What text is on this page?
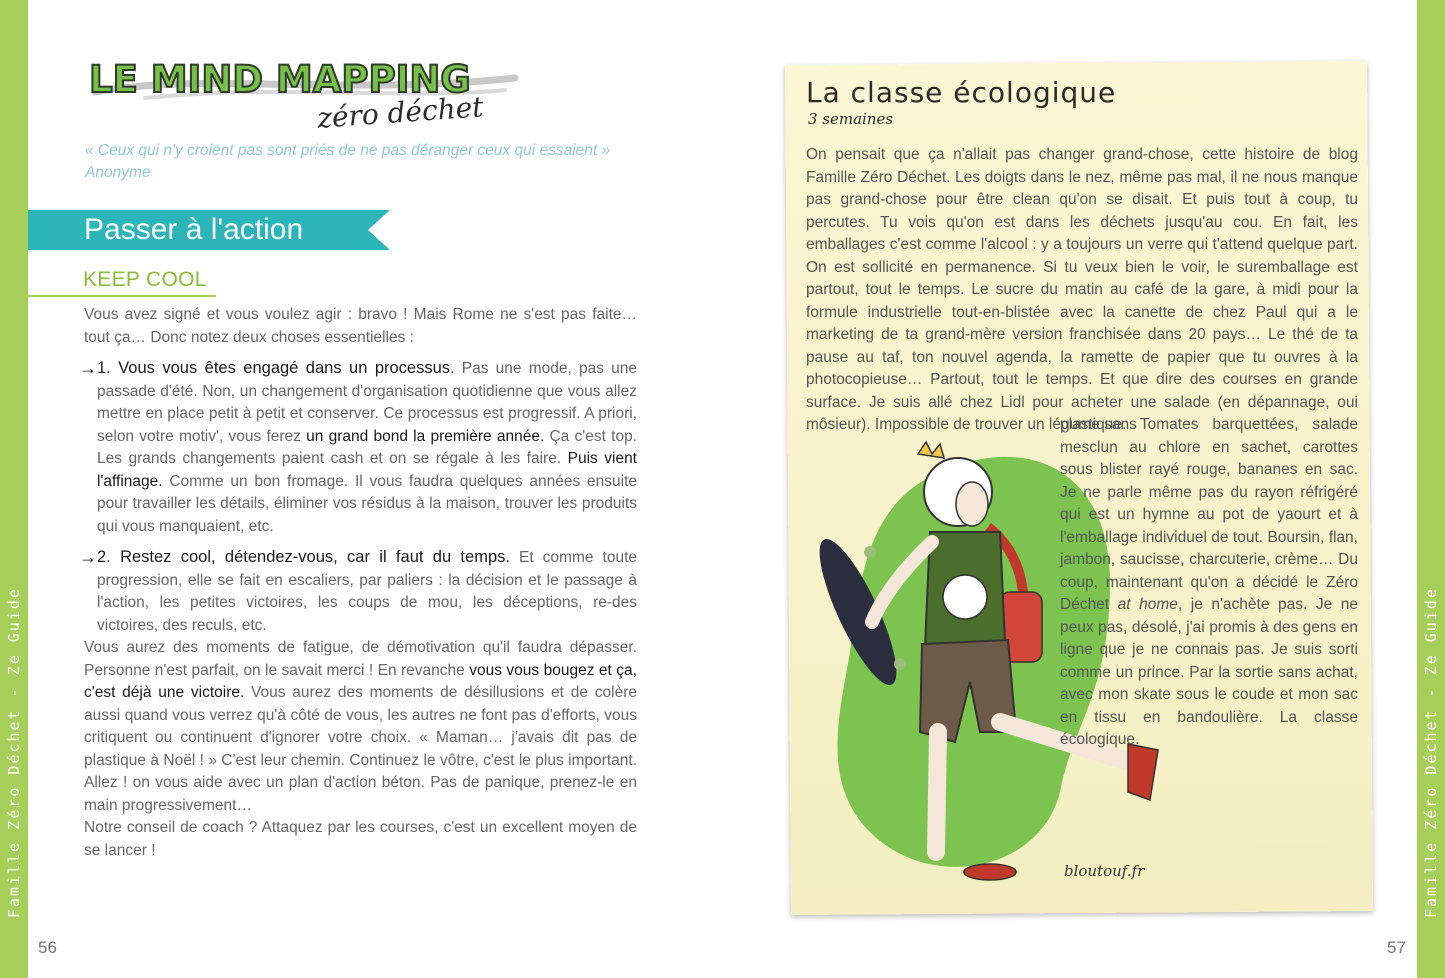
Famille Zéro Déchet - Ze Guide	Famille Zéro Déchet - Ze Guide
56	57
LE MIND MAPPING
zéro déchet
« Ceux qui n'y croient pas sont priés de ne pas déranger ceux qui essaient »
Anonyme
Passer à l'action
KEEP COOL

Vous avez signé et vous voulez agir : bravo ! Mais Rome ne s'est pas faite… tout ça… Donc notez deux choses essentielles :

→ 1. Vous vous êtes engagé dans un processus. Pas une mode, pas une passade d'été. Non, un changement d'organisation quotidienne que vous allez mettre en place petit à petit et conserver. Ce processus est progressif. A priori, selon votre motiv', vous ferez un grand bond la première année. Ça c'est top. Les grands changements paient cash et on se régale à les faire. Puis vient l'affinage. Comme un bon fromage. Il vous faudra quelques années ensuite pour travailler les détails, éliminer vos résidus à la maison, trouver les produits qui vous manquaient, etc.
→ 2. Restez cool, détendez-vous, car il faut du temps. Et comme toute progression, elle se fait en escaliers, par paliers : la décision et le passage à l'action, les petites victoires, les coups de mou, les déceptions, re-des victoires, des reculs, etc.

Vous aurez des moments de fatigue, de démotivation qu'il faudra dépasser. Personne n'est parfait, on le savait merci ! En revanche vous vous bougez et ça, c'est déjà une victoire. Vous aurez des moments de désillusions et de colère aussi quand vous verrez qu'à côté de vous, les autres ne font pas d'efforts, vous critiquent ou continuent d'ignorer votre choix. « Maman… j'avais dit pas de plastique à Noël ! » C'est leur chemin. Continuez le vôtre, c'est le plus important. Allez ! on vous aide avec un plan d'action béton. Pas de panique, prenez-le en main progressivement…

Notre conseil de coach ? Attaquez par les courses, c'est un excellent moyen de se lancer !

La classe écologique
3 semaines
On pensait que ça n'allait pas changer grand-chose, cette histoire de blog Famille Zéro Déchet. Les doigts dans le nez, même pas mal, il ne nous manque pas grand-chose pour être clean qu'on se disait. Et puis tout à coup, tu percutes. Tu vois qu'on est dans les déchets jusqu'au cou. En fait, les emballages c'est comme l'alcool : y a toujours un verre qui t'attend quelque part. On est sollicité en permanence. Si tu veux bien le voir, le suremballage est partout, tout le temps. Le sucre du matin au café de la gare, à midi pour la formule industrielle tout-en-blistée avec la canette de chez Paul qui a le marketing de ta grand-mère version franchisée dans 20 pays… Le thé de ta pause au taf, ton nouvel agenda, la ramette de papier que tu ouvres à la photocopieuse… Partout, tout le temps. Et que dire des courses en grande surface. Je suis allé chez Lidl pour acheter une salade (en dépannage, oui môsieur). Impossible de trouver un légume sans
plastique. Tomates barquettées, salade mesclun au chlore en sachet, carottes sous blister rayé rouge, bananes en sac. Je ne parle même pas du rayon réfrigéré qui est un hymne au pot de yaourt et à l'emballage individuel de tout. Boursin, flan, jambon, saucisse, charcuterie, crème… Du coup, maintenant qu'on a décidé le Zéro Déchet at home, je n'achète pas. Je ne peux pas, désolé, j'ai promis à des gens en ligne que je ne connais pas. Je suis sorti comme un prince. Par la sortie sans achat, avec mon skate sous le coude et mon sac en tissu en bandoulière. La classe écologique.
bloutouf.fr
